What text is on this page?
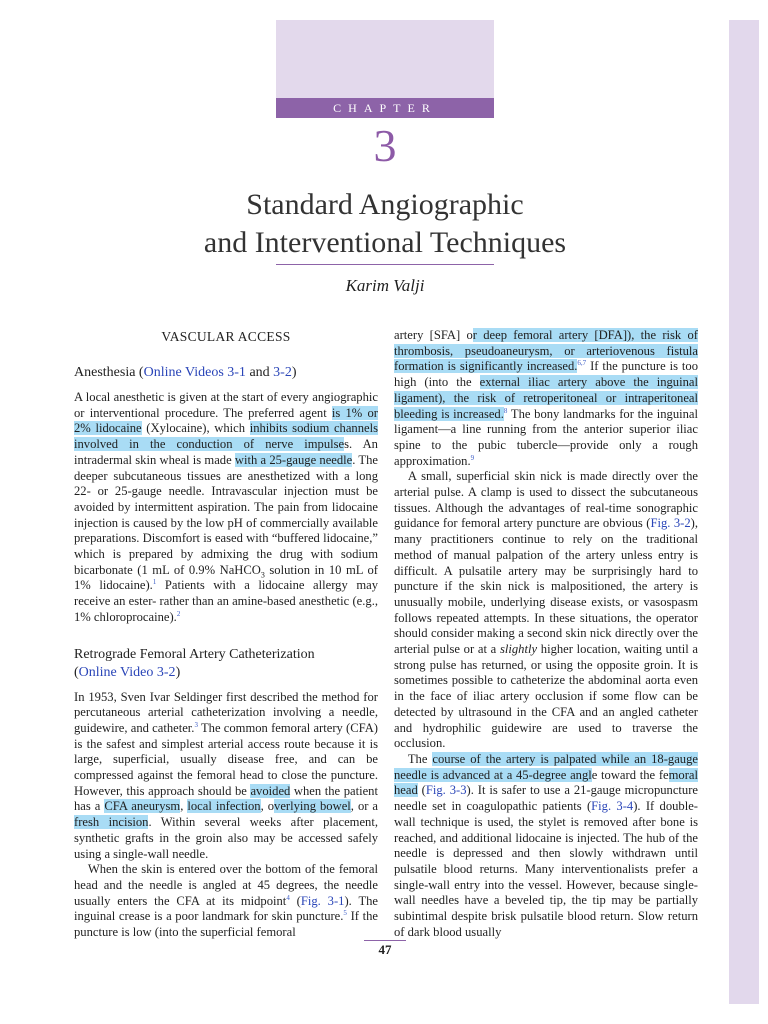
CHAPTER
3
Standard Angiographic
and Interventional Techniques
Karim Valji
VASCULAR ACCESS
Anesthesia (Online Videos 3-1 and 3-2)

A local anesthetic is given at the start of every angiographic or interventional procedure. The preferred agent is 1% or 2% lidocaine (Xylocaine), which inhibits sodium channels involved in the conduction of nerve impulses. An intradermal skin wheal is made with a 25-gauge needle. The deeper subcutaneous tissues are anesthetized with a long 22- or 25-gauge needle. Intravascular injection must be avoided by intermittent aspiration. The pain from lidocaine injection is caused by the low pH of commercially available preparations. Discomfort is eased with “buffered lidocaine,” which is prepared by admixing the drug with sodium bicarbonate (1 mL of 0.9% NaHCO$_3$ solution in 10 mL of 1% lidocaine).$^1$ Patients with a lidocaine allergy may receive an ester- rather than an amine-based anesthetic (e.g., 1% chloroprocaine).$^2$

Retrograde Femoral Artery Catheterization
(Online Video 3-2)

In 1953, Sven Ivar Seldinger first described the method for percutaneous arterial catheterization involving a needle, guidewire, and catheter.$^3$ The common femoral artery (CFA) is the safest and simplest arterial access route because it is large, superficial, usually disease free, and can be compressed against the femoral head to close the puncture. However, this approach should be avoided when the patient has a CFA aneurysm, local infection, overlying bowel, or a fresh incision. Within several weeks after placement, synthetic grafts in the groin also may be accessed safely using a single-wall needle.

When the skin is entered over the bottom of the femoral head and the needle is angled at 45 degrees, the needle usually enters the CFA at its midpoint$^4$ (Fig. 3-1). The inguinal crease is a poor landmark for skin puncture.$^5$ If the puncture is low (into the superficial femoral

artery [SFA] or deep femoral artery [DFA]), the risk of thrombosis, pseudoaneurysm, or arteriovenous fistula formation is significantly increased.$^{6,7}$ If the puncture is too high (into the external iliac artery above the inguinal ligament), the risk of retroperitoneal or intraperitoneal bleeding is increased.$^8$ The bony landmarks for the inguinal ligament—a line running from the anterior superior iliac spine to the pubic tubercle—provide only a rough approximation.$^9$

A small, superficial skin nick is made directly over the arterial pulse. A clamp is used to dissect the subcutaneous tissues. Although the advantages of real-time sonographic guidance for femoral artery puncture are obvious (Fig. 3-2), many practitioners continue to rely on the traditional method of manual palpation of the artery unless entry is difficult. A pulsatile artery may be surprisingly hard to puncture if the skin nick is malpositioned, the artery is unusually mobile, underlying disease exists, or vasospasm follows repeated attempts. In these situations, the operator should consider making a second skin nick directly over the arterial pulse or at a slightly higher location, waiting until a strong pulse has returned, or using the opposite groin. It is sometimes possible to catheterize the abdominal aorta even in the face of iliac artery occlusion if some flow can be detected by ultrasound in the CFA and an angled catheter and hydrophilic guidewire are used to traverse the occlusion.

The course of the artery is palpated while an 18-gauge needle is advanced at a 45-degree angle toward the femoral head (Fig. 3-3). It is safer to use a 21-gauge micropuncture needle set in coagulopathic patients (Fig. 3-4). If double-wall technique is used, the stylet is removed after bone is reached, and additional lidocaine is injected. The hub of the needle is depressed and then slowly withdrawn until pulsatile blood returns. Many interventionalists prefer a single-wall entry into the vessel. However, because single-wall needles have a beveled tip, the tip may be partially subintimal despite brisk pulsatile blood return. Slow return of dark blood usually

47
